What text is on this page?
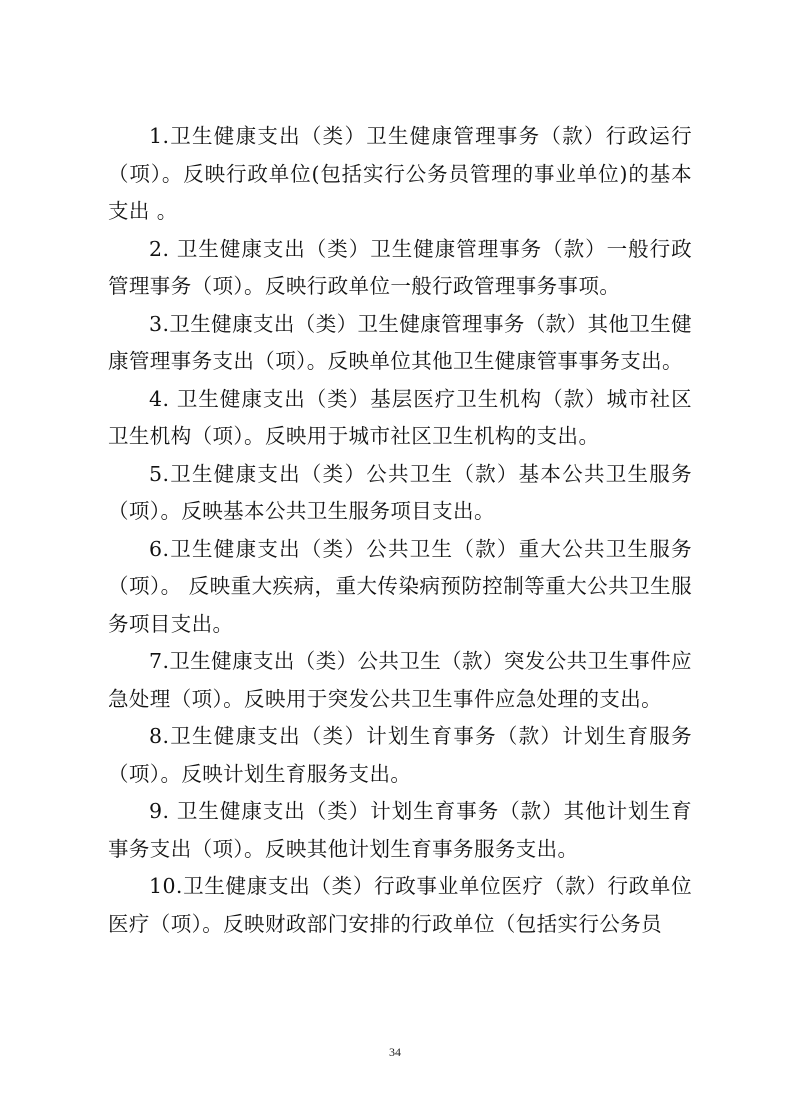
1.卫生健康支出（类）卫生健康管理事务（款）行政运行（项）。反映行政单位(包括实行公务员管理的事业单位)的基本支出 。

2. 卫生健康支出（类）卫生健康管理事务（款）一般行政管理事务（项）。反映行政单位一般行政管理事务事项。

3.卫生健康支出（类）卫生健康管理事务（款）其他卫生健康管理事务支出（项）。反映单位其他卫生健康管事事务支出。

4. 卫生健康支出（类）基层医疗卫生机构（款）城市社区卫生机构（项）。反映用于城市社区卫生机构的支出。

5.卫生健康支出（类）公共卫生（款）基本公共卫生服务（项）。反映基本公共卫生服务项目支出。

6.卫生健康支出（类）公共卫生（款）重大公共卫生服务（项）。 反映重大疾病，重大传染病预防控制等重大公共卫生服务项目支出。

7.卫生健康支出（类）公共卫生（款）突发公共卫生事件应急处理（项）。反映用于突发公共卫生事件应急处理的支出。

8.卫生健康支出（类）计划生育事务（款）计划生育服务（项）。反映计划生育服务支出。

9. 卫生健康支出（类）计划生育事务（款）其他计划生育事务支出（项）。反映其他计划生育事务服务支出。

10.卫生健康支出（类）行政事业单位医疗（款）行政单位医疗（项）。反映财政部门安排的行政单位（包括实行公务员

34
